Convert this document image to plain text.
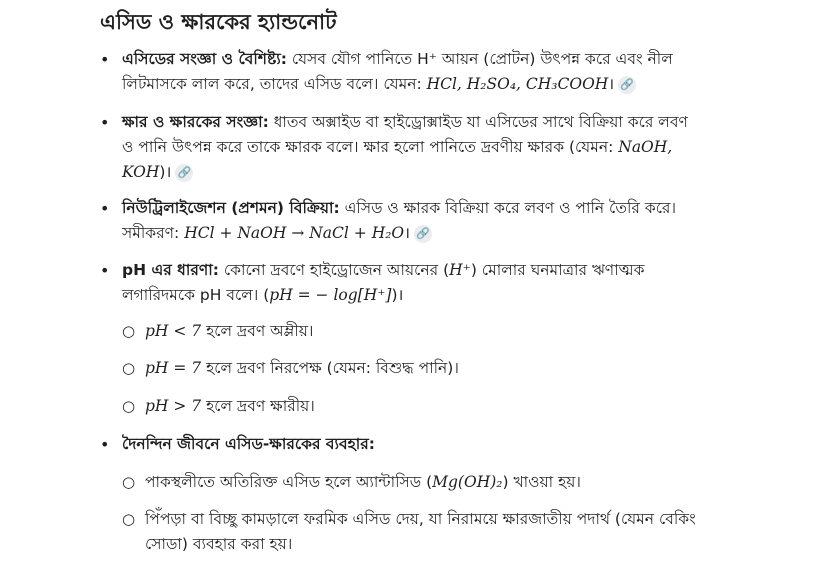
এসিড ও ক্ষারকের হ্যান্ডনোট
• এসিডের সংজ্ঞা ও বৈশিষ্ট্য: যেসব যৌগ পানিতে H⁺ আয়ন (প্রোটন) উৎপন্ন করে এবং নীল
লিটমাসকে লাল করে, তাদের এসিড বলে। যেমন: HCl, H₂SO₄, CH₃COOH। 🔗
• ক্ষার ও ক্ষারকের সংজ্ঞা: ধাতব অক্সাইড বা হাইড্রোক্সাইড যা এসিডের সাথে বিক্রিয়া করে লবণ
ও পানি উৎপন্ন করে তাকে ক্ষারক বলে। ক্ষার হলো পানিতে দ্রবণীয় ক্ষারক (যেমন: NaOH,
KOH)। 🔗
• নিউট্রিলাইজেশন (প্রশমন) বিক্রিয়া: এসিড ও ক্ষারক বিক্রিয়া করে লবণ ও পানি তৈরি করে।
সমীকরণ: HCl + NaOH → NaCl + H₂O। 🔗
• pH এর ধারণা: কোনো দ্রবণে হাইড্রোজেন আয়নের (H⁺) মোলার ঘনমাত্রার ঋণাত্মক
লগারিদমকে pH বলে। (pH = − log[H⁺])।
○ pH < 7 হলে দ্রবণ অম্লীয়।
○ pH = 7 হলে দ্রবণ নিরপেক্ষ (যেমন: বিশুদ্ধ পানি)।
○ pH > 7 হলে দ্রবণ ক্ষারীয়।
• দৈনন্দিন জীবনে এসিড-ক্ষারকের ব্যবহার:
○ পাকস্থলীতে অতিরিক্ত এসিড হলে অ্যান্টাসিড (Mg(OH)₂) খাওয়া হয়।
○ পিঁপড়া বা বিচ্ছু কামড়ালে ফরমিক এসিড দেয়, যা নিরাময়ে ক্ষারজাতীয় পদার্থ (যেমন বেকিং
সোডা) ব্যবহার করা হয়।
